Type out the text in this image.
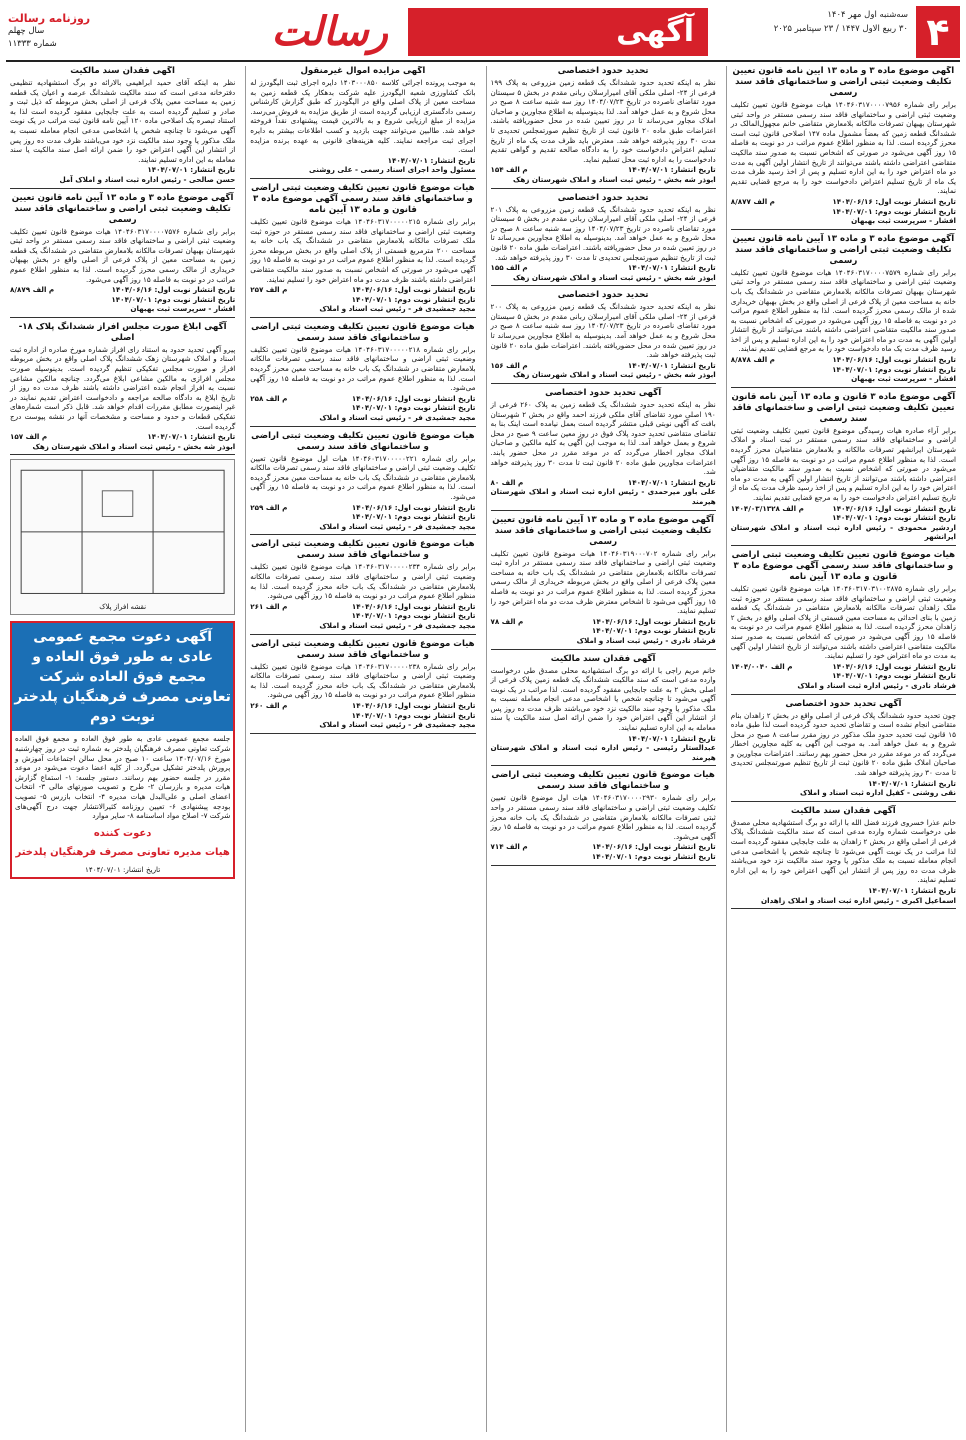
۴
سه‌شنبه اول مهر ۱۴۰۴
۳۰ ربیع الاول ۱۴۴۷ / ۲۳ سپتامبر ۲۰۲۵
آگهی
رسالت
روزنامه رسالت
سال چهلم
شماره ۱۱۳۳۳
آگهی موضوع ماده ۳ و ماده ۱۳ آیین نامه قانون تعیین تکلیف وضعیت ثبتی اراضی و ساختمانهای فاقد سند رسمی
برابر رای شماره ۱۴۰۴۶۰۳۱۷۰۰۰۰۷۹۵۶ هیات موضوع قانون تعیین تکلیف وضعیت ثبتی اراضی و ساختمانهای فاقد سند رسمی مستقر در واحد ثبتی شهرستان بهبهان تصرفات مالکانه بلامعارض متقاضی خانم مجهول‌المالک در ششدانگ قطعه زمین که بعضاً مشمول ماده ۱۴۷ اصلاحی قانون ثبت است محرز گردیده است. لذا به منظور اطلاع عموم مراتب در دو نوبت به فاصله ۱۵ روز آگهی می‌شود در صورتی که اشخاص نسبت به صدور سند مالکیت متقاضی اعتراضی داشته باشند می‌توانند از تاریخ انتشار اولین آگهی به مدت دو ماه اعتراض خود را به این اداره تسلیم و پس از اخذ رسید ظرف مدت یک ماه از تاریخ تسلیم اعتراض دادخواست خود را به مرجع قضایی تقدیم نمایند.
تاریخ انتشار نوبت اول: ۱۴۰۴/۰۶/۱۶
م الف ۸/۸۷۷
تاریخ انتشار نوبت دوم: ۱۴۰۴/۰۷/۰۱
افشار - سرپرست ثبت بهبهان
آگهی موضوع ماده ۳ و ماده ۱۳ آیین نامه قانون تعیین تکلیف وضعیت ثبتی اراضی و ساختمانهای فاقد سند رسمی
برابر رای شماره ۱۴۰۴۶۰۳۱۷۰۰۰۰۷۵۷۹ هیات موضوع قانون تعیین تکلیف وضعیت ثبتی اراضی و ساختمانهای فاقد سند رسمی مستقر در واحد ثبتی شهرستان بهبهان تصرفات مالکانه بلامعارض متقاضی در ششدانگ یک باب خانه به مساحت معین از پلاک فرعی از اصلی واقع در بخش بهبهان خریداری شده از مالک رسمی محرز گردیده است. لذا به منظور اطلاع عموم مراتب در دو نوبت به فاصله ۱۵ روز آگهی می‌شود در صورتی که اشخاص نسبت به صدور سند مالکیت متقاضی اعتراضی داشته باشند می‌توانند از تاریخ انتشار اولین آگهی به مدت دو ماه اعتراض خود را به این اداره تسلیم و پس از اخذ رسید ظرف مدت یک ماه دادخواست خود را به مرجع قضایی تقدیم نمایند.
تاریخ انتشار نوبت اول: ۱۴۰۴/۰۶/۱۶
م الف ۸/۸۷۸
تاریخ انتشار نوبت دوم: ۱۴۰۴/۰۷/۰۱
افشار - سرپرست ثبت بهبهان
آگهی موضوع ماده ۳ قانون و ماده ۱۳ آیین نامه قانون تعیین تکلیف وضعیت ثبتی اراضی و ساختمانهای فاقد سند رسمی
برابر آراء صادره هیات رسیدگی موضوع قانون تعیین تکلیف وضعیت ثبتی اراضی و ساختمانهای فاقد سند رسمی مستقر در ثبت اسناد و املاک شهرستان ایرانشهر تصرفات مالکانه و بلامعارض متقاضیان محرز گردیده است. لذا به منظور اطلاع عموم مراتب در دو نوبت به فاصله ۱۵ روز آگهی می‌شود در صورتی که اشخاص نسبت به صدور سند مالکیت متقاضیان اعتراضی داشته باشند می‌توانند از تاریخ انتشار اولین آگهی به مدت دو ماه اعتراض خود را به این اداره تسلیم و پس از اخذ رسید ظرف مدت یک ماه از تاریخ تسلیم اعتراض دادخواست خود را به مرجع قضایی تقدیم نمایند.
تاریخ انتشار نوبت اول: ۱۴۰۴/۰۶/۱۶
م الف ۱۴۰۴/۰۳/۱۳۲۸
تاریخ انتشار نوبت دوم: ۱۴۰۴/۰۷/۰۱
اردشیر محمودی - رئیس اداره ثبت اسناد و املاک شهرستان ایرانشهر
هیات موضوع قانون تعیین تکلیف وضعیت ثبتی اراضی و ساختمانهای فاقد سند رسمی آگهی موضوع ماده ۳ قانون و ماده ۱۳ آیین نامه
برابر رای شماره ۱۴۰۴۶۰۳۱۷۰۳۱۰۰۲۸۷۵ هیات موضوع قانون تعیین تکلیف وضعیت ثبتی اراضی و ساختمانهای فاقد سند رسمی مستقر در حوزه ثبت ملک زاهدان تصرفات مالکانه بلامعارض متقاضی در ششدانگ یک قطعه زمین با بنای احداثی به مساحت معین قسمتی از پلاک اصلی واقع در بخش ۲ زاهدان محرز گردیده است. لذا به منظور اطلاع عموم مراتب در دو نوبت به فاصله ۱۵ روز آگهی می‌شود در صورتی که اشخاص نسبت به صدور سند مالکیت متقاضی اعتراضی داشته باشند می‌توانند از تاریخ انتشار اولین آگهی به مدت دو ماه اعتراض خود را تسلیم نمایند.
تاریخ انتشار نوبت اول: ۱۴۰۴/۰۶/۱۶
م الف ۱۴۰۴/۰۰۴۰
تاریخ انتشار نوبت دوم: ۱۴۰۴/۰۷/۰۱
فرشاد نادری - رئیس اداره ثبت اسناد و املاک
آگهی تحدید حدود اختصاصی
چون تحدید حدود ششدانگ پلاک فرعی از اصلی واقع در بخش ۲ زاهدان بنام متقاضی انجام نشده است و تقاضای تحدید حدود گردیده است لذا طبق ماده ۱۵ قانون ثبت تحدید حدود ملک مذکور در روز مقرر ساعت ۸ صبح در محل شروع و به عمل خواهد آمد. به موجب این آگهی به کلیه مجاورین اخطار می‌گردد که در موعد مقرر در محل حضور بهم رسانند. اعتراضات مجاورین و صاحبان املاک طبق ماده ۲۰ قانون ثبت از تاریخ تنظیم صورتمجلس تحدیدی تا مدت ۳۰ روز پذیرفته خواهد شد.
تاریخ انتشار: ۱۴۰۴/۰۷/۰۱
نقی روشنی - کفیل اداره ثبت اسناد و املاک
آگهی فقدان سند مالکیت
خانم عذرا خسروی فرزند فضل الله با ارائه دو برگ استشهادیه محلی مصدق طی درخواست شماره وارده مدعی است که سند مالکیت ششدانگ پلاک فرعی از اصلی واقع در بخش ۲ زاهدان به علت جابجایی مفقود گردیده است لذا مراتب در یک نوبت آگهی می‌شود تا چنانچه شخص یا اشخاصی مدعی انجام معامله نسبت به ملک مذکور یا وجود سند مالکیت نزد خود می‌باشند ظرف مدت ده روز پس از انتشار این آگهی اعتراض خود را به این اداره تسلیم نمایند.
تاریخ انتشار: ۱۴۰۴/۰۷/۰۱
اسماعیل اکبری - رئیس اداره ثبت اسناد و املاک زاهدان
تحدید حدود اختصاصی
نظر به اینکه تحدید حدود ششدانگ یک قطعه زمین مزروعی به پلاک ۱۹۹ فرعی از ۲۴- اصلی ملکی آقای امیرارسلان ربانی مقدم در بخش ۵ سیستان مورد تقاضای ناصرده در تاریخ ۱۴۰۴/۰۷/۲۳ روز سه شنبه ساعت ۸ صبح در محل شروع و به عمل خواهد آمد. لذا بدینوسیله به اطلاع مجاورین و صاحبان املاک مجاور می‌رساند تا در روز تعیین شده در محل حضوریافته باشند. اعتراضات طبق ماده ۲۰ قانون ثبت از تاریخ تنظیم صورتمجلس تحدیدی تا مدت ۳۰ روز پذیرفته خواهد شد. معترض باید ظرف مدت یک ماه از تاریخ تسلیم اعتراض دادخواست خود را به دادگاه صالحه تقدیم و گواهی تقدیم دادخواست را به اداره ثبت محل تسلیم نماید.
تاریخ انتشار: ۱۴۰۴/۰۷/۰۱
م الف ۱۵۴
ابوذر شه بخش - رئیس ثبت اسناد و املاک شهرستان زهک
تحدید حدود اختصاصی
نظر به اینکه تحدید حدود ششدانگ یک قطعه زمین مزروعی به پلاک ۲۰۱ فرعی از ۲۴- اصلی ملکی آقای امیرارسلان ربانی مقدم در بخش ۵ سیستان مورد تقاضای ناصرده در تاریخ ۱۴۰۴/۰۷/۲۳ روز سه شنبه ساعت ۸ صبح در محل شروع و به عمل خواهد آمد. بدینوسیله به اطلاع مجاورین می‌رساند تا در روز تعیین شده در محل حضوریافته باشند. اعتراضات طبق ماده ۲۰ قانون ثبت از تاریخ تنظیم صورتمجلس تحدیدی تا مدت ۳۰ روز پذیرفته خواهد شد.
تاریخ انتشار: ۱۴۰۴/۰۷/۰۱
م الف ۱۵۵
ابوذر شه بخش - رئیس ثبت اسناد و املاک شهرستان زهک
تحدید حدود اختصاصی
نظر به اینکه تحدید حدود ششدانگ یک قطعه زمین مزروعی به پلاک ۲۰۰ فرعی از ۲۴- اصلی ملکی آقای امیرارسلان ربانی مقدم در بخش ۵ سیستان مورد تقاضای ناصرده در تاریخ ۱۴۰۴/۰۷/۲۳ روز سه شنبه ساعت ۸ صبح در محل شروع و به عمل خواهد آمد. بدینوسیله به اطلاع مجاورین می‌رساند تا در روز تعیین شده در محل حضوریافته باشند. اعتراضات طبق ماده ۲۰ قانون ثبت پذیرفته خواهد شد.
تاریخ انتشار: ۱۴۰۴/۰۷/۰۱
م الف ۱۵۶
ابوذر شه بخش - رئیس ثبت اسناد و املاک شهرستان زهک
آگهی تحدید حدود اختصاصی
نظر به اینکه تحدید حدود ششدانگ یک قطعه زمین به پلاک ۲۶۰ فرعی از ۱۹۰ اصلی مورد تقاضای آقای ملکی فرزند احمد واقع در بخش ۲ شهرستان بافت که آگهی نوبتی قبلی منتشر گردیده است بعمل نیامده است اینک بنا به تقاضای متقاضی تحدید حدود پلاک فوق در روز معین ساعت ۹ صبح در محل شروع و بعمل خواهد آمد. لذا به موجب این آگهی به کلیه مالکین و صاحبان املاک مجاور اخطار می‌گردد که در موعد مقرر در محل حضور یابند. اعتراضات مجاورین طبق ماده ۲۰ قانون ثبت تا مدت ۳۰ روز پذیرفته خواهد شد.
تاریخ انتشار: ۱۴۰۴/۰۷/۰۱
م الف ۸۰
علی باور میرحمدی - رئیس اداره ثبت اسناد و املاک شهرستان هیرمند
آگهی موضوع ماده ۳ و ماده ۱۳ آیین نامه قانون تعیین تکلیف وضعیت ثبتی اراضی و ساختمانهای فاقد سند رسمی
برابر رای شماره ۱۴۰۴۶۰۳۱۹۰۰۰۷۰۲ هیات موضوع قانون تعیین تکلیف وضعیت ثبتی اراضی و ساختمانهای فاقد سند رسمی مستقر در اداره ثبت تصرفات مالکانه بلامعارض متقاضی در ششدانگ یک باب خانه به مساحت معین پلاک فرعی از اصلی واقع در بخش مربوطه خریداری از مالک رسمی محرز گردیده است. لذا به منظور اطلاع عموم مراتب در دو نوبت به فاصله ۱۵ روز آگهی می‌شود تا اشخاص معترض ظرف مدت دو ماه اعتراض خود را تسلیم نمایند.
تاریخ انتشار نوبت اول: ۱۴۰۴/۰۶/۱۶
م الف ۷۸
تاریخ انتشار نوبت دوم: ۱۴۰۴/۰۷/۰۱
فرشاد نادری - رئیس ثبت اسناد و املاک
آگهی فقدان سند مالکیت
خانم مریم راجی با ارائه دو برگ استشهادیه محلی مصدق طی درخواست وارده مدعی است که سند مالکیت ششدانگ یک قطعه زمین پلاک فرعی از اصلی بخش ۲ به علت جابجایی مفقود گردیده است. لذا مراتب در یک نوبت آگهی می‌شود تا چنانچه شخص یا اشخاصی مدعی انجام معامله نسبت به ملک مذکور یا وجود سند مالکیت نزد خود می‌باشند ظرف مدت ده روز پس از انتشار این آگهی اعتراض خود را ضمن ارائه اصل سند مالکیت یا سند معامله به این اداره تسلیم نمایند.
تاریخ انتشار: ۱۴۰۴/۰۷/۰۱
عبدالستار رئیسی - رئیس اداره ثبت اسناد و املاک شهرستان هیرمند
هیات موضوع قانون تعیین تکلیف وضعیت ثبتی اراضی و ساختمانهای فاقد سند رسمی
برابر رای شماره ۱۴۰۴۶۰۳۱۷۰۰۰۰۲۹۳۰ هیات اول موضوع قانون تعیین تکلیف وضعیت ثبتی اراضی و ساختمانهای فاقد سند رسمی مستقر در واحد ثبتی تصرفات مالکانه بلامعارض متقاضی در ششدانگ یک باب خانه محرز گردیده است. لذا به منظور اطلاع عموم مراتب در دو نوبت به فاصله ۱۵ روز آگهی می‌شود.
تاریخ انتشار نوبت اول: ۱۴۰۴/۰۶/۱۶
م الف ۷۱۴
تاریخ انتشار نوبت دوم: ۱۴۰۴/۰۷/۰۱
آگهی مزایده اموال غیرمنقول
به موجب پرونده اجرائی کلاسه ۱۴۰۳۰۰۰۸۵۰ دایره اجرای ثبت الیگودرز له بانک کشاورزی شعبه الیگودرز علیه شرکت بدهکار یک قطعه زمین به مساحت معین از پلاک اصلی واقع در الیگودرز که طبق گزارش کارشناس رسمی دادگستری ارزیابی گردیده است از طریق مزایده به فروش می‌رسد. مزایده از مبلغ ارزیابی شروع و به بالاترین قیمت پیشنهادی نقداً فروخته خواهد شد. طالبین می‌توانند جهت بازدید و کسب اطلاعات بیشتر به دایره اجرای ثبت مراجعه نمایند. کلیه هزینه‌های قانونی به عهده برنده مزایده است.
تاریخ انتشار: ۱۴۰۴/۰۷/۰۱
مسئول واحد اجرای اسناد رسمی - علی روشنی
هیات موضوع قانون تعیین تکلیف وضعیت ثبتی اراضی و ساختمانهای فاقد سند رسمی آگهی موضوع ماده ۳ قانون و ماده ۱۳ آیین نامه
برابر رای شماره ۱۴۰۴۶۰۳۱۷۰۰۰۰۰۲۱۵ هیات موضوع قانون تعیین تکلیف وضعیت ثبتی اراضی و ساختمانهای فاقد سند رسمی مستقر در حوزه ثبت ملک تصرفات مالکانه بلامعارض متقاضی در ششدانگ یک باب خانه به مساحت ۲۰۰ مترمربع قسمتی از پلاک اصلی واقع در بخش مربوطه محرز گردیده است. لذا به منظور اطلاع عموم مراتب در دو نوبت به فاصله ۱۵ روز آگهی می‌شود در صورتی که اشخاص نسبت به صدور سند مالکیت متقاضی اعتراضی داشته باشند ظرف مدت دو ماه اعتراض خود را تسلیم نمایند.
تاریخ انتشار نوبت اول: ۱۴۰۴/۰۶/۱۶
م الف ۲۵۷
تاریخ انتشار نوبت دوم: ۱۴۰۴/۰۷/۰۱
مجید جمشیدی فر - رئیس ثبت اسناد و املاک
هیات موضوع قانون تعیین تکلیف وضعیت ثبتی اراضی و ساختمانهای فاقد سند رسمی
برابر رای شماره ۱۴۰۴۶۰۳۱۷۰۰۰۰۰۲۱۸ هیات موضوع قانون تعیین تکلیف وضعیت ثبتی اراضی و ساختمانهای فاقد سند رسمی تصرفات مالکانه بلامعارض متقاضی در ششدانگ یک باب خانه به مساحت معین محرز گردیده است. لذا به منظور اطلاع عموم مراتب در دو نوبت به فاصله ۱۵ روز آگهی می‌شود.
تاریخ انتشار نوبت اول: ۱۴۰۴/۰۶/۱۶
م الف ۲۵۸
تاریخ انتشار نوبت دوم: ۱۴۰۴/۰۷/۰۱
مجید جمشیدی فر - رئیس ثبت اسناد و املاک
هیات موضوع قانون تعیین تکلیف وضعیت ثبتی اراضی و ساختمانهای فاقد سند رسمی
برابر رای شماره ۱۴۰۴۶۰۳۱۷۰۰۰۰۰۲۲۱ هیات اول موضوع قانون تعیین تکلیف وضعیت ثبتی اراضی و ساختمانهای فاقد سند رسمی تصرفات مالکانه بلامعارض متقاضی در ششدانگ یک باب خانه به مساحت معین محرز گردیده است. لذا به منظور اطلاع عموم مراتب در دو نوبت به فاصله ۱۵ روز آگهی می‌شود.
تاریخ انتشار نوبت اول: ۱۴۰۴/۰۶/۱۶
م الف ۲۵۹
تاریخ انتشار نوبت دوم: ۱۴۰۴/۰۷/۰۱
مجید جمشیدی فر - رئیس ثبت اسناد و املاک
هیات موضوع قانون تعیین تکلیف وضعیت ثبتی اراضی و ساختمانهای فاقد سند رسمی
برابر رای شماره ۱۴۰۴۶۰۳۱۷۰۰۰۰۰۲۳۴ هیات موضوع قانون تعیین تکلیف وضعیت ثبتی اراضی و ساختمانهای فاقد سند رسمی تصرفات مالکانه بلامعارض متقاضی در ششدانگ یک باب خانه محرز گردیده است. لذا به منظور اطلاع عموم مراتب در دو نوبت به فاصله ۱۵ روز آگهی می‌شود.
تاریخ انتشار نوبت اول: ۱۴۰۴/۰۶/۱۶
م الف ۲۶۱
تاریخ انتشار نوبت دوم: ۱۴۰۴/۰۷/۰۱
مجید جمشیدی فر - رئیس ثبت اسناد و املاک
هیات موضوع قانون تعیین تکلیف وضعیت ثبتی اراضی و ساختمانهای فاقد سند رسمی
برابر رای شماره ۱۴۰۴۶۰۳۱۷۰۰۰۰۰۲۳۸ هیات موضوع قانون تعیین تکلیف وضعیت ثبتی اراضی و ساختمانهای فاقد سند رسمی تصرفات مالکانه بلامعارض متقاضی در ششدانگ یک باب خانه محرز گردیده است. لذا به منظور اطلاع عموم مراتب در دو نوبت به فاصله ۱۵ روز آگهی می‌شود.
تاریخ انتشار نوبت اول: ۱۴۰۴/۰۶/۱۶
م الف ۲۶۰
تاریخ انتشار نوبت دوم: ۱۴۰۴/۰۷/۰۱
مجید جمشیدی فر - رئیس ثبت اسناد و املاک
آگهی فقدان سند مالکیت
نظر به اینکه آقای حمید ابراهیمی بالارائه دو برگ استشهادیه تنظیمی دفترخانه مدعی است که سند مالکیت ششدانگ عرصه و اعیان یک قطعه زمین به مساحت معین پلاک فرعی از اصلی بخش مربوطه که ذیل ثبت و صادر و تسلیم گردیده است به علت جابجایی مفقود گردیده است لذا به استناد تبصره یک اصلاحی ماده ۱۲۰ آیین نامه قانون ثبت مراتب در یک نوبت آگهی می‌شود تا چنانچه شخص یا اشخاصی مدعی انجام معامله نسبت به ملک مذکور یا وجود سند مالکیت نزد خود می‌باشند ظرف مدت ده روز پس از انتشار این آگهی اعتراض خود را ضمن ارائه اصل سند مالکیت یا سند معامله به این اداره تسلیم نمایند.
تاریخ انتشار: ۱۴۰۴/۰۷/۰۱
حسن صالحی - رئیس اداره ثبت اسناد و املاک آمل
آگهی موضوع ماده ۳ و ماده ۱۳ آیین نامه قانون تعیین تکلیف وضعیت ثبتی اراضی و ساختمانهای فاقد سند رسمی
برابر رای شماره ۱۴۰۴۶۰۳۱۷۰۰۰۰۷۵۷۶ هیات موضوع قانون تعیین تکلیف وضعیت ثبتی اراضی و ساختمانهای فاقد سند رسمی مستقر در واحد ثبتی شهرستان بهبهان تصرفات مالکانه بلامعارض متقاضی در ششدانگ یک قطعه زمین به مساحت معین از پلاک فرعی از اصلی واقع در بخش بهبهان خریداری از مالک رسمی محرز گردیده است. لذا به منظور اطلاع عموم مراتب در دو نوبت به فاصله ۱۵ روز آگهی می‌شود.
تاریخ انتشار نوبت اول: ۱۴۰۴/۰۶/۱۶
م الف ۸/۸۷۹
تاریخ انتشار نوبت دوم: ۱۴۰۴/۰۷/۰۱
افشار - سرپرست ثبت بهبهان
آگهی ابلاغ صورت مجلس افراز ششدانگ پلاک ۱۸- اصلی
پیرو آگهی تحدید حدود به استناد رای افراز شماره مورخ صادره از اداره ثبت اسناد و املاک شهرستان زهک ششدانگ پلاک اصلی واقع در بخش مربوطه افراز و صورت مجلس تفکیکی تنظیم گردیده است. بدینوسیله صورت مجلس افرازی به مالکین مشاعی ابلاغ می‌گردد. چنانچه مالکین مشاعی نسبت به افراز انجام شده اعتراضی داشته باشند ظرف مدت ده روز از تاریخ ابلاغ به دادگاه صالحه مراجعه و دادخواست اعتراض تقدیم نمایند در غیر اینصورت مطابق مقررات اقدام خواهد شد. قابل ذکر است شماره‌های تفکیکی قطعات و حدود و مساحت و مشخصات آنها در نقشه پیوست درج گردیده است.
تاریخ انتشار: ۱۴۰۴/۰۷/۰۱
م الف ۱۵۷
ابوذر شه بخش - رئیس ثبت اسناد و املاک شهرستان زهک
نقشه افراز پلاک
آگهی دعوت مجمع عمومی عادی به طور فوق العاده و مجمع فوق العاده شرکت تعاونی مصرف فرهنگیان پلدختر نوبت دوم
جلسه مجمع عمومی عادی به طور فوق العاده و مجمع فوق العاده شرکت تعاونی مصرف فرهنگیان پلدختر به شماره ثبت در روز چهارشنبه مورخ ۱۴۰۴/۰۷/۱۶ ساعت ۱۰ صبح در محل سالن اجتماعات آموزش و پرورش پلدختر تشکیل می‌گردد. از کلیه اعضا دعوت می‌شود در موعد مقرر در جلسه حضور بهم رسانند. دستور جلسه: ۱- استماع گزارش هیات مدیره و بازرسان ۲- طرح و تصویب صورتهای مالی ۳- انتخاب اعضای اصلی و علی‌البدل هیات مدیره ۴- انتخاب بازرس ۵- تصویب بودجه پیشنهادی ۶- تعیین روزنامه کثیرالانتشار جهت درج آگهی‌های شرکت ۷- اصلاح مواد اساسنامه ۸- سایر موارد
دعوت کننده
هیات مدیره تعاونی مصرف فرهنگیان پلدختر
تاریخ انتشار: ۱۴۰۴/۰۷/۰۱
